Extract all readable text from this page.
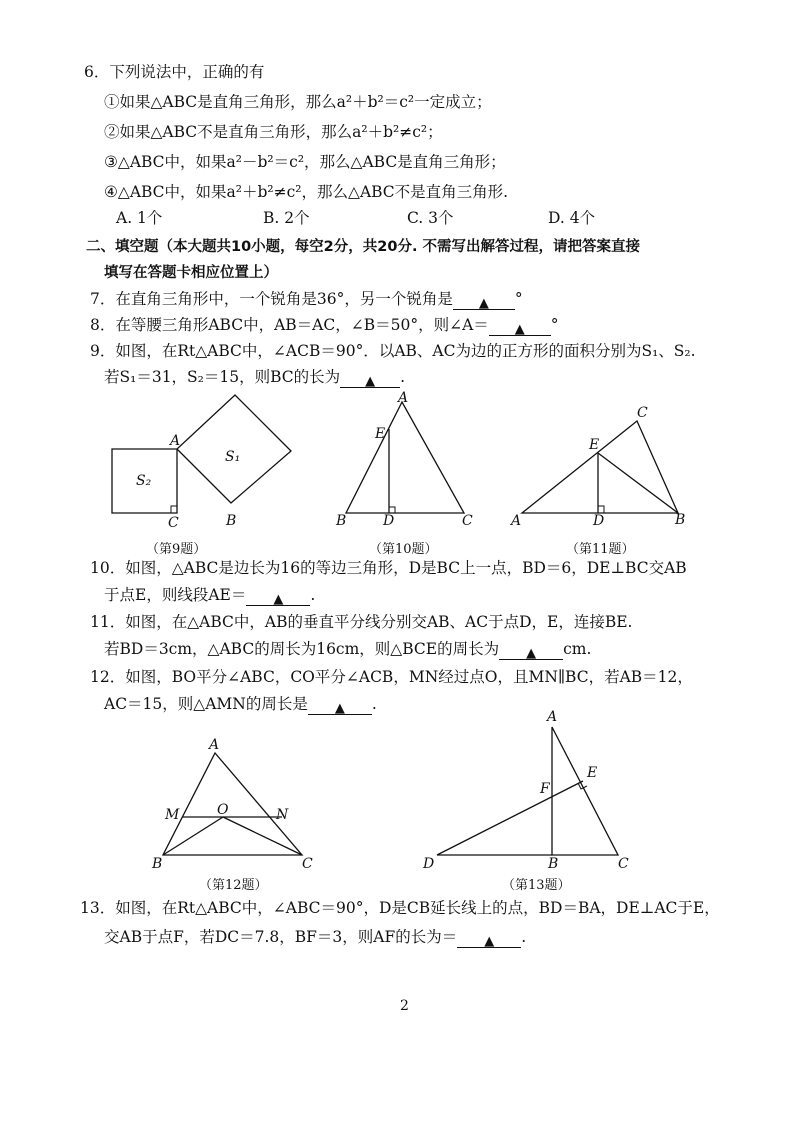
6．下列说法中，正确的有
①如果△ABC是直角三角形，那么a²＋b²＝c²一定成立；
②如果△ABC不是直角三角形，那么a²＋b²≠c²；
③△ABC中，如果a²－b²＝c²，那么△ABC是直角三角形；
④△ABC中，如果a²＋b²≠c²，那么△ABC不是直角三角形.
A. 1个	B. 2个	C. 3个	D. 4个
二、填空题（本大题共10小题，每空2分，共20分. 不需写出解答过程，请把答案直接
填写在答题卡相应位置上）
7．在直角三角形中，一个锐角是36°，另一个锐角是 ▲ °
8．在等腰三角形ABC中，AB＝AC，∠B＝50°，则∠A＝ ▲ °
9．如图，在Rt△ABC中，∠ACB＝90°．以AB、AC为边的正方形的面积分别为S₁、S₂.
若S₁＝31，S₂＝15，则BC的长为 ▲ .
A
C	B
S₁
S₂
（第9题）
A
E
B	D	C
（第10题）
C
E
A	D	B
（第11题）
10．如图，△ABC是边长为16的等边三角形，D是BC上一点，BD＝6，DE⊥BC交AB
于点E，则线段AE＝ ▲ .
11．如图，在△ABC中，AB的垂直平分线分别交AB、AC于点D，E，连接BE.
若BD＝3cm，△ABC的周长为16cm，则△BCE的周长为 ▲ cm.
12．如图，BO平分∠ABC，CO平分∠ACB，MN经过点O，且MN∥BC，若AB＝12，
AC＝15，则△AMN的周长是 ▲ .
A
M	O	N
B	C
（第12题）
A
F
E
D	B	C
（第13题）
13．如图，在Rt△ABC中，∠ABC＝90°，D是CB延长线上的点，BD＝BA，DE⊥AC于E，
交AB于点F，若DC＝7.8，BF＝3，则AF的长为＝ ▲ .
2
